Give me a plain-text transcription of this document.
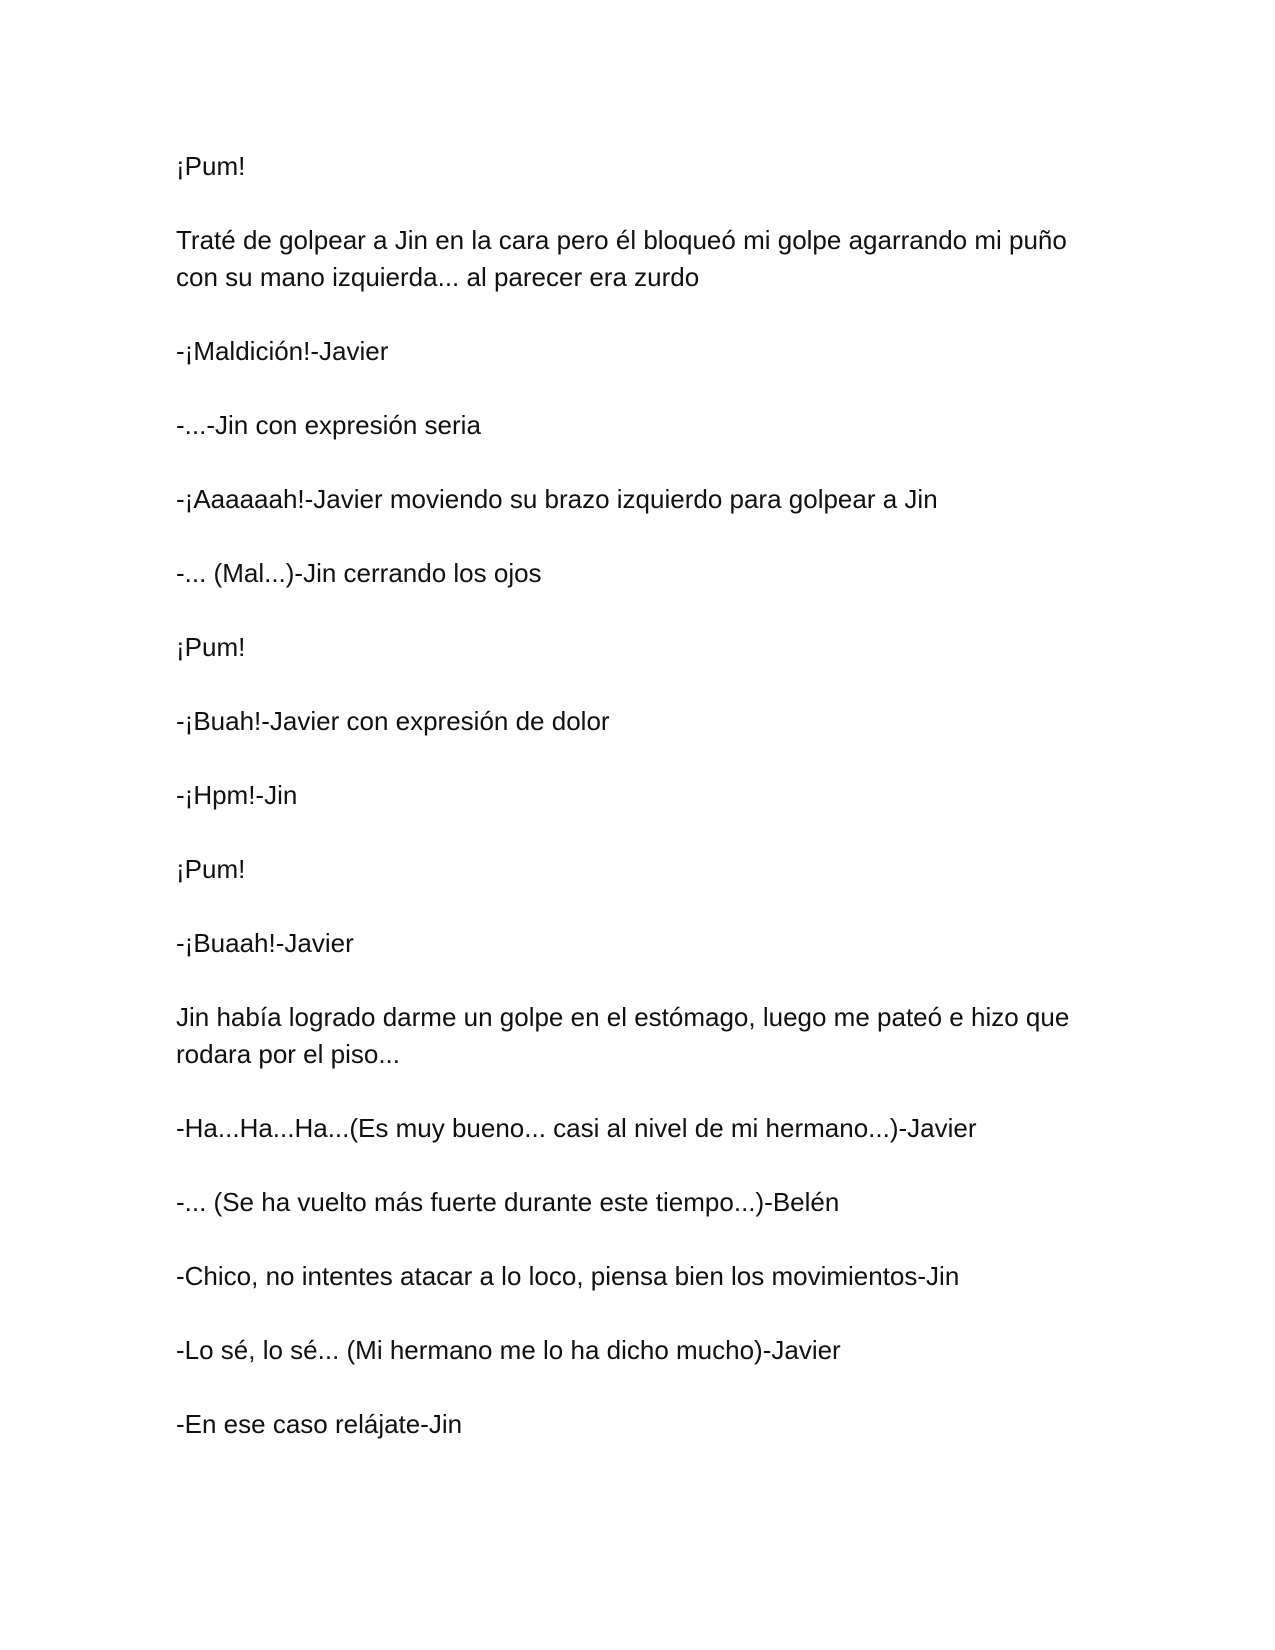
¡Pum!

Traté de golpear a Jin en la cara pero él bloqueó mi golpe agarrando mi puño con su mano izquierda... al parecer era zurdo

-¡Maldición!-Javier

-...-Jin con expresión seria

-¡Aaaaaah!-Javier moviendo su brazo izquierdo para golpear a Jin

-... (Mal...)-Jin cerrando los ojos

¡Pum!

-¡Buah!-Javier con expresión de dolor

-¡Hpm!-Jin

¡Pum!

-¡Buaah!-Javier

Jin había logrado darme un golpe en el estómago, luego me pateó e hizo que rodara por el piso...

-Ha...Ha...Ha...(Es muy bueno... casi al nivel de mi hermano...)-Javier

-... (Se ha vuelto más fuerte durante este tiempo...)-Belén

-Chico, no intentes atacar a lo loco, piensa bien los movimientos-Jin

-Lo sé, lo sé... (Mi hermano me lo ha dicho mucho)-Javier

-En ese caso relájate-Jin
